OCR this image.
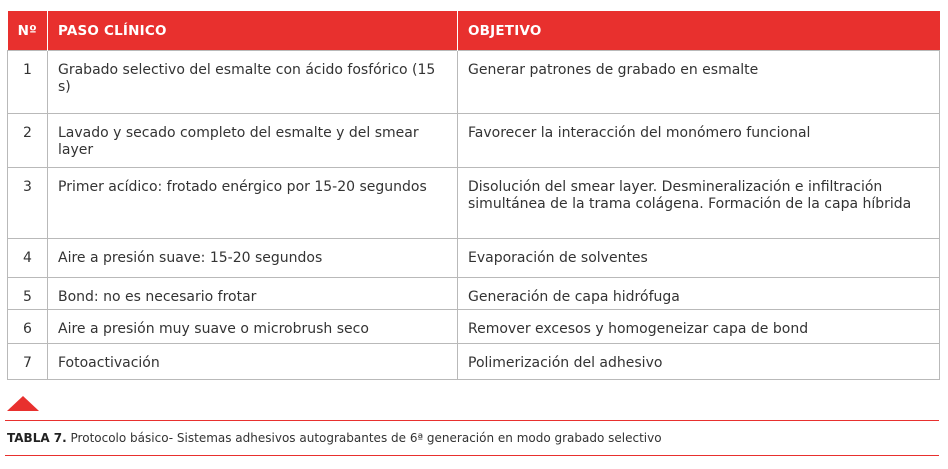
Nº	PASO CLÍNICO	OBJETIVO
1	Grabado selectivo del esmalte con ácido fosfórico (15 s)	Generar patrones de grabado en esmalte
2	Lavado y secado completo del esmalte y del smear layer	Favorecer la interacción del monómero funcional
3	Primer acídico: frotado enérgico por 15-20 segundos	Disolución del smear layer. Desmineralización e infiltración simultánea de la trama colágena. Formación de la capa híbrida
4	Aire a presión suave: 15-20 segundos	Evaporación de solventes
5	Bond: no es necesario frotar	Generación de capa hidrófuga
6	Aire a presión muy suave o microbrush seco	Remover excesos y homogeneizar capa de bond
7	Fotoactivación	Polimerización del adhesivo
TABLA 7. Protocolo básico- Sistemas adhesivos autograbantes de 6ª generación en modo grabado selectivo
